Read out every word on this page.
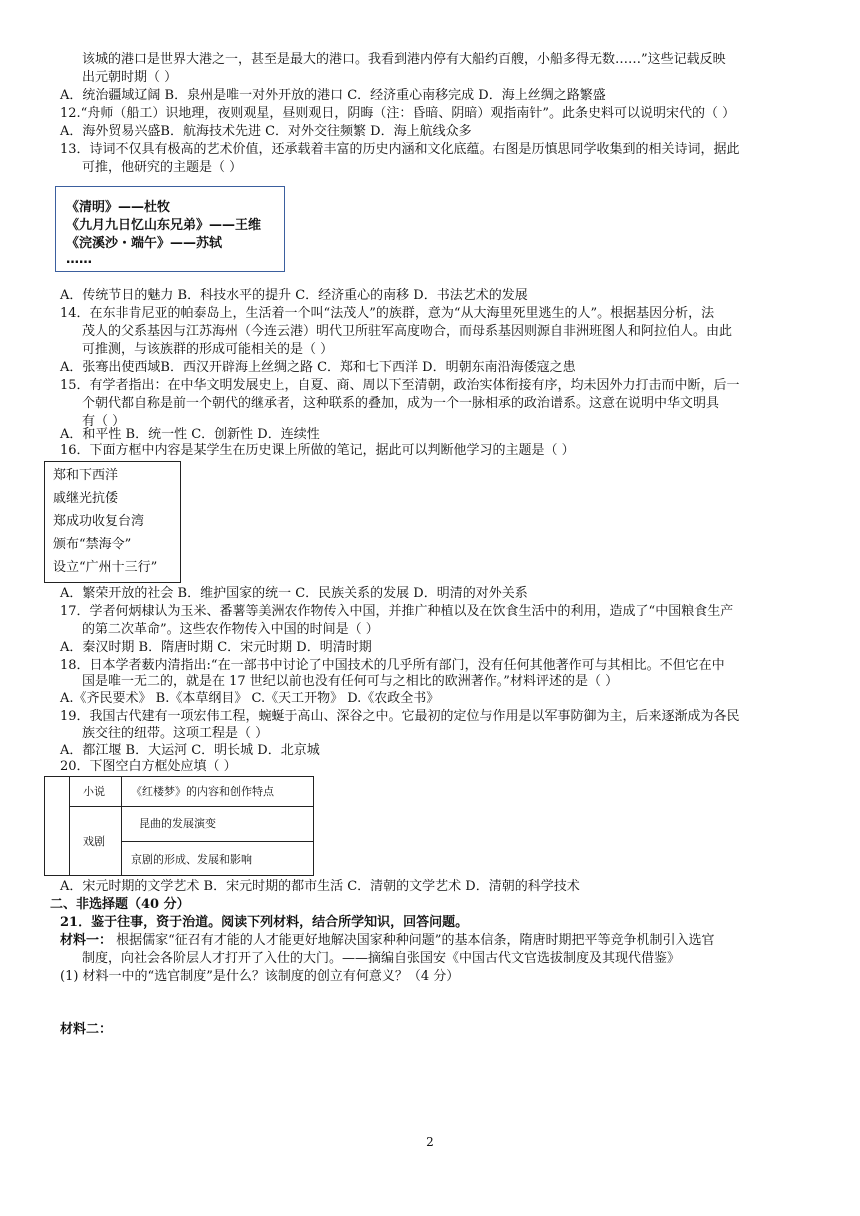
该城的港口是世界大港之一，甚至是最大的港口。我看到港内停有大船约百艘，小船多得无数……”这些记载反映
出元朝时期（ ）
A．统治疆域辽阔 B．泉州是唯一对外开放的港口 C．经济重心南移完成 D．海上丝绸之路繁盛
12.“舟师（船工）识地理，夜则观星，昼则观日，阴晦（注：昏暗、阴暗）观指南针”。此条史料可以说明宋代的（ ）
A．海外贸易兴盛B．航海技术先进 C．对外交往频繁 D．海上航线众多
13．诗词不仅具有极高的艺术价值，还承载着丰富的历史内涵和文化底蕴。右图是历慎思同学收集到的相关诗词，据此
可推，他研究的主题是（ ）
《清明》——杜牧
《九月九日忆山东兄弟》——王维
《浣溪沙・端午》——苏轼
……
A．传统节日的魅力 B．科技水平的提升 C．经济重心的南移 D．书法艺术的发展
14．在东非肯尼亚的帕泰岛上，生活着一个叫“法茂人”的族群，意为“从大海里死里逃生的人”。根据基因分析，法
茂人的父系基因与江苏海州（今连云港）明代卫所驻军高度吻合，而母系基因则源自非洲班图人和阿拉伯人。由此
可推测，与该族群的形成可能相关的是（ ）
A．张骞出使西域B．西汉开辟海上丝绸之路 C．郑和七下西洋 D．明朝东南沿海倭寇之患
15．有学者指出：在中华文明发展史上，自夏、商、周以下至清朝，政治实体衔接有序，均未因外力打击而中断，后一
个朝代都自称是前一个朝代的继承者，这种联系的叠加，成为一个一脉相承的政治谱系。这意在说明中华文明具
有（ ）
A．和平性 B．统一性 C．创新性 D．连续性
16．下面方框中内容是某学生在历史课上所做的笔记，据此可以判断他学习的主题是（ ）
郑和下西洋
戚继光抗倭
郑成功收复台湾
颁布“禁海令”
设立“广州十三行”
A．繁荣开放的社会 B．维护国家的统一 C．民族关系的发展 D．明清的对外关系
17．学者何炳棣认为玉米、番薯等美洲农作物传入中国，并推广种植以及在饮食生活中的利用，造成了“中国粮食生产
的第二次革命”。这些农作物传入中国的时间是（ ）
A．秦汉时期 B．隋唐时期 C．宋元时期 D．明清时期
18．日本学者薮内清指出:“在一部书中讨论了中国技术的几乎所有部门，没有任何其他著作可与其相比。不但它在中
国是唯一无二的，就是在 17 世纪以前也没有任何可与之相比的欧洲著作。”材料评述的是（ ）
A.《齐民要术》 B.《本草纲目》 C.《天工开物》 D.《农政全书》
19．我国古代建有一项宏伟工程，蜿蜒于高山、深谷之中。它最初的定位与作用是以军事防御为主，后来逐渐成为各民
族交往的纽带。这项工程是（ ）
A．都江堰 B．大运河 C．明长城 D．北京城
20．下图空白方框处应填（ ）
小说 《红楼梦》的内容和创作特点
戏剧
昆曲的发展演变
京剧的形成、发展和影响
A．宋元时期的文学艺术 B．宋元时期的都市生活 C．清朝的文学艺术 D．清朝的科学技术
二、非选择题（40 分）
21．鉴于往事，资于治道。阅读下列材料，结合所学知识，回答问题。
材料一： 根据儒家“征召有才能的人才能更好地解决国家种种问题”的基本信条，隋唐时期把平等竞争机制引入选官
制度，向社会各阶层人才打开了入仕的大门。——摘编自张国安《中国古代文官选拔制度及其现代借鉴》
(1) 材料一中的“选官制度”是什么？该制度的创立有何意义？（4 分）
材料二：
2
